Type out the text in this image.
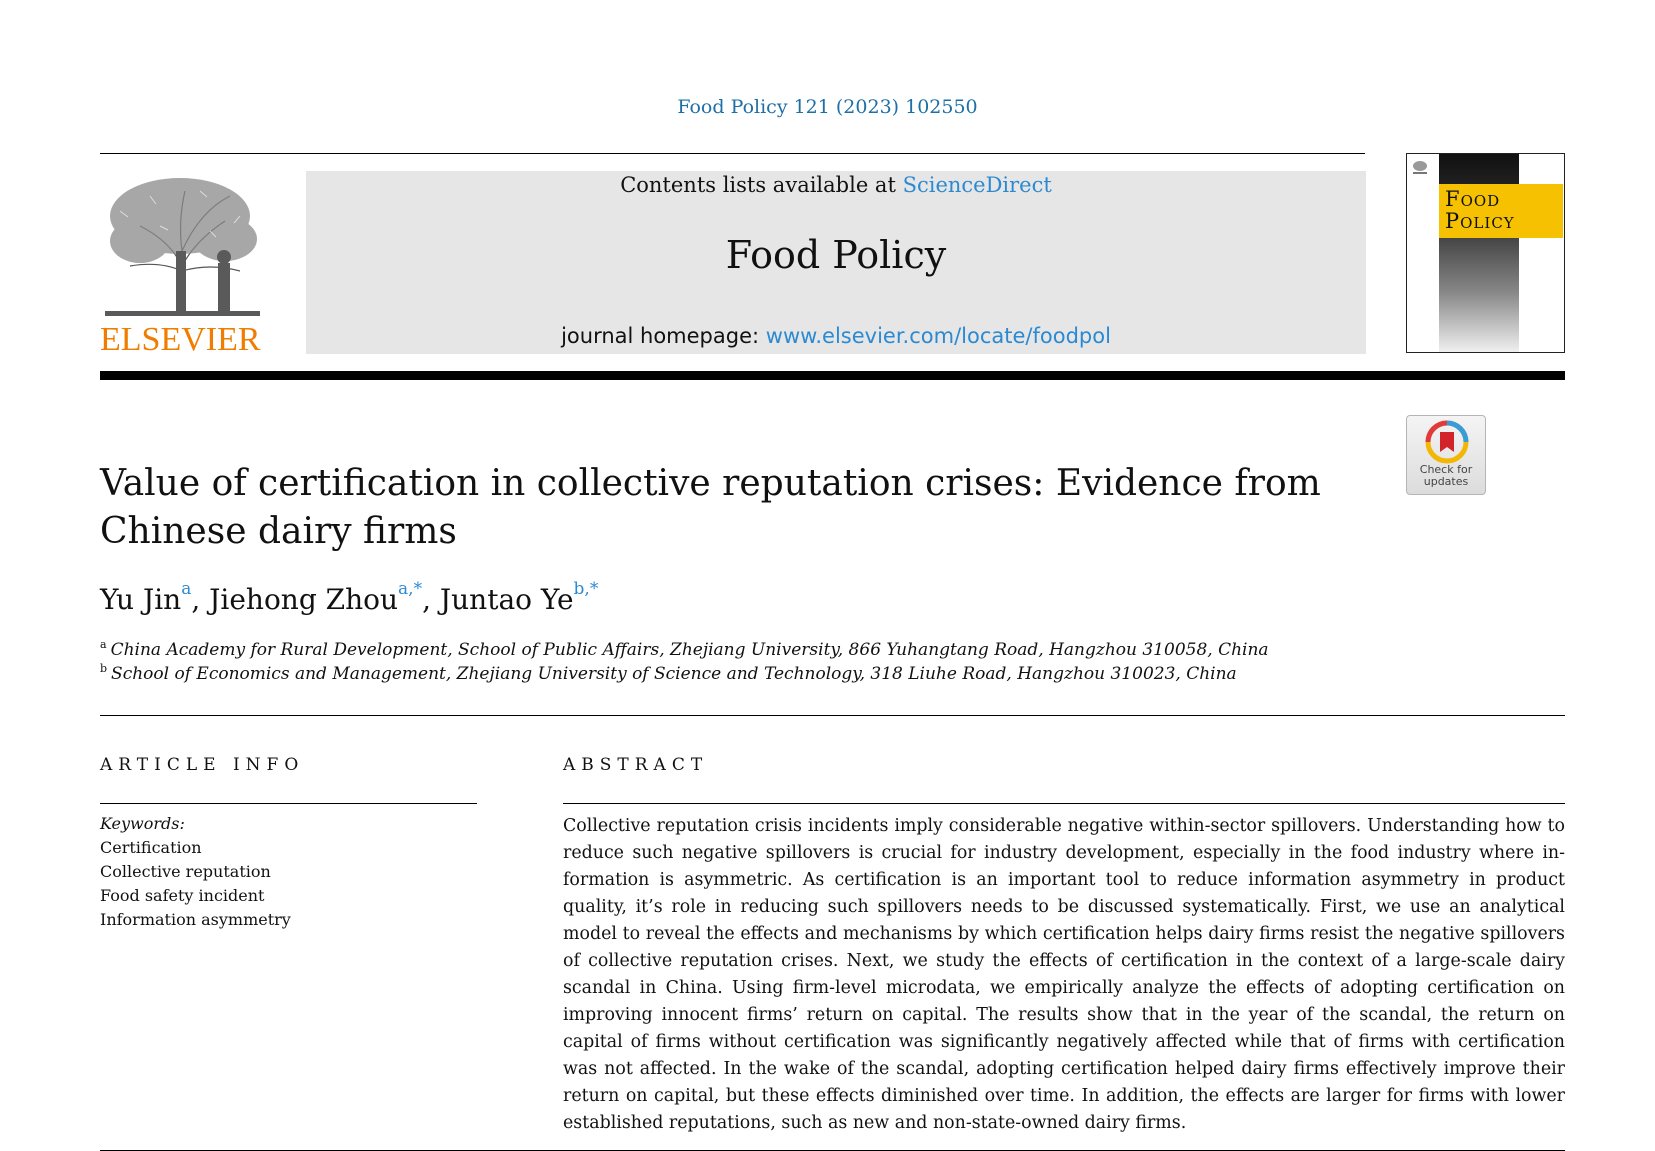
Food Policy 121 (2023) 102550
ELSEVIER
Contents lists available at ScienceDirect
Food Policy
journal homepage: www.elsevier.com/locate/foodpol
Food
Policy
Check for
updates
Value of certification in collective reputation crises: Evidence from Chinese dairy firms
Yu Jin$^a$, Jiehong Zhou$^{a,*}$, Juntao $Ye^{b,*}$
$^a$ China Academy for Rural Development, School of Public Affairs, Zhejiang University, 866 Yuhangtang Road, Hangzhou 310058, China
$^b$ School of Economics and Management, Zhejiang University of Science and Technology, 318 Liuhe Road, Hangzhou 310023, China
ARTICLE INFO
Keywords:
Certification
Collective reputation
Food safety incident
Information asymmetry
ABSTRACT

Collective reputation crisis incidents imply considerable negative within-sector spillovers. Understanding how to reduce such negative spillovers is crucial for industry development, especially in the food industry where information is asymmetric. As certification is an important tool to reduce information asymmetry in product quality, it’s role in reducing such spillovers needs to be discussed systematically. First, we use an analytical model to reveal the effects and mechanisms by which certification helps dairy firms resist the negative spillovers of collective reputation crises. Next, we study the effects of certification in the context of a large-scale dairy scandal in China. Using firm-level microdata, we empirically analyze the effects of adopting certification on improving innocent firms’ return on capital. The results show that in the year of the scandal, the return on capital of firms without certification was significantly negatively affected while that of firms with certification was not affected. In the wake of the scandal, adopting certification helped dairy firms effectively improve their return on capital, but these effects diminished over time. In addition, the effects are larger for firms with lower established reputations, such as new and non-state-owned dairy firms.
